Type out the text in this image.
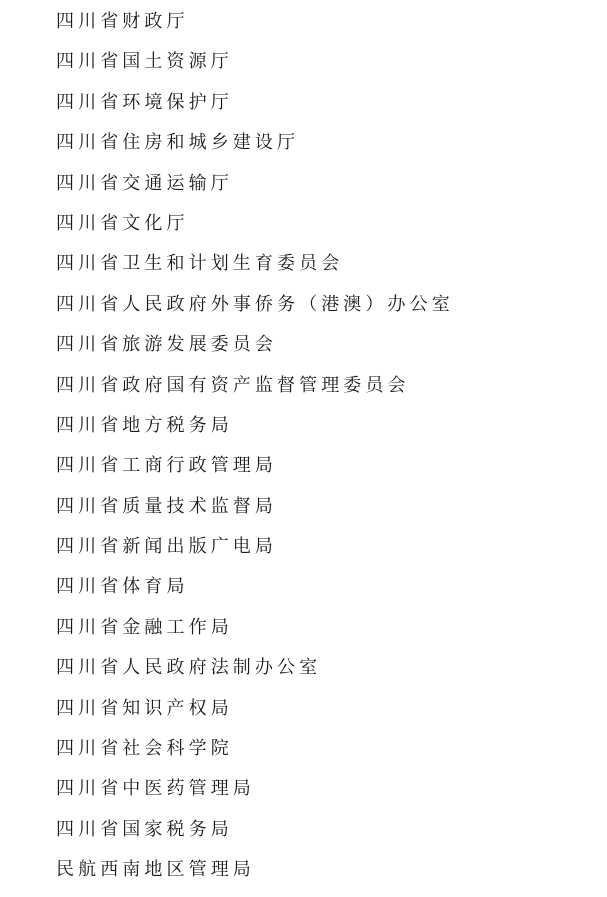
四川省财政厅
四川省国土资源厅
四川省环境保护厅
四川省住房和城乡建设厅
四川省交通运输厅
四川省文化厅
四川省卫生和计划生育委员会
四川省人民政府外事侨务（港澳）办公室
四川省旅游发展委员会
四川省政府国有资产监督管理委员会
四川省地方税务局
四川省工商行政管理局
四川省质量技术监督局
四川省新闻出版广电局
四川省体育局
四川省金融工作局
四川省人民政府法制办公室
四川省知识产权局
四川省社会科学院
四川省中医药管理局
四川省国家税务局
民航西南地区管理局
